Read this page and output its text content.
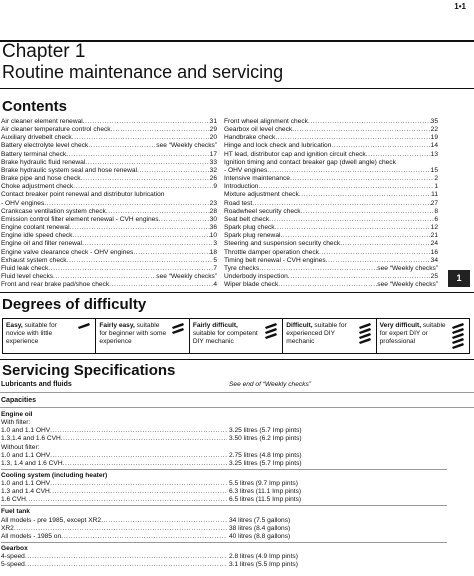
1•1
Chapter 1
Routine maintenance and servicing
Contents
Air cleaner element renewal .....	31
Air cleaner temperature control check .....	29
Auxiliary drivebelt check .....	20
Battery electrolyte level check .....	see “Weekly checks”
Battery terminal check .....	17
Brake hydraulic fluid renewal .....	33
Brake hydraulic system seal and hose renewal .....	32
Brake pipe and hose check .....	26
Choke adjustment check .....	9
Contact breaker point renewal and distributor lubrication
- OHV engines .....	23
Crankcase ventilation system check .....	28
Emission control filter element renewal - CVH engines .....	30
Engine coolant renewal .....	36
Engine idle speed check .....	10
Engine oil and filter renewal .....	3
Engine valve clearance check - OHV engines .....	18
Exhaust system check .....	5
Fluid leak check .....	7
Fluid level checks .....	see “Weekly checks”
Front and rear brake pad/shoe check .....	4
Front wheel alignment check .....	35
Gearbox oil level check .....	22
Handbrake check .....	19
Hinge and lock check and lubrication .....	14
HT lead, distributor cap and ignition circuit check .....	13
Ignition timing and contact breaker gap (dwell angle) check
- OHV engines .....	15
Intensive maintenance .....	2
Introduction .....	1
Mixture adjustment check .....	11
Road test .....	27
Roadwheel security check .....	8
Seat belt check .....	6
Spark plug check .....	12
Spark plug renewal .....	21
Steering and suspension security check .....	24
Throttle damper operation check .....	16
Timing belt renewal - CVH engines .....	34
Tyre checks .....	see “Weekly checks”
Underbody inspection .....	25
Wiper blade check .....	see “Weekly checks”
1
Degrees of difficulty
Easy, suitable for novice with little experience
Fairly easy, suitable for beginner with some experience
Fairly difficult, suitable for competent DIY mechanic
Difficult, suitable for experienced DIY mechanic
Very difficult, suitable for expert DIY or professional
Servicing Specifications
Lubricants and fluids	See end of “Weekly checks”
Capacities
Engine oil
With filter:
1.0 and 1.1 OHV .....	3.25 litres (5.7 Imp pints)
1.3,1.4 and 1.6 CVH .....	3.50 litres (6.2 Imp pints)
Without filter:
1.0 and 1.1 OHV .....	2.75 litres (4.8 Imp pints)
1.3, 1.4 and 1.6 CVH .....	3.25 litres (5.7 Imp pints)
Cooling system (including heater)
1.0 and 1.1 OHV .....	5.5 litres (9.7 Imp pints)
1.3 and 1.4 CVH .....	6.3 litres (11.1 Imp pints)
1.6 CVH .....	6.5 litres (11.5 Imp pints)
Fuel tank
All models - pre 1985, except XR2 .....	34 litres (7.5 gallons)
XR2 .....	38 litres (8.4 gallons)
All models - 1985 on .....	40 litres (8.8 gallons)
Gearbox
4-speed .....	2.8 litres (4.9 Imp pints)
5-speed .....	3.1 litres (5.5 Imp pints)
